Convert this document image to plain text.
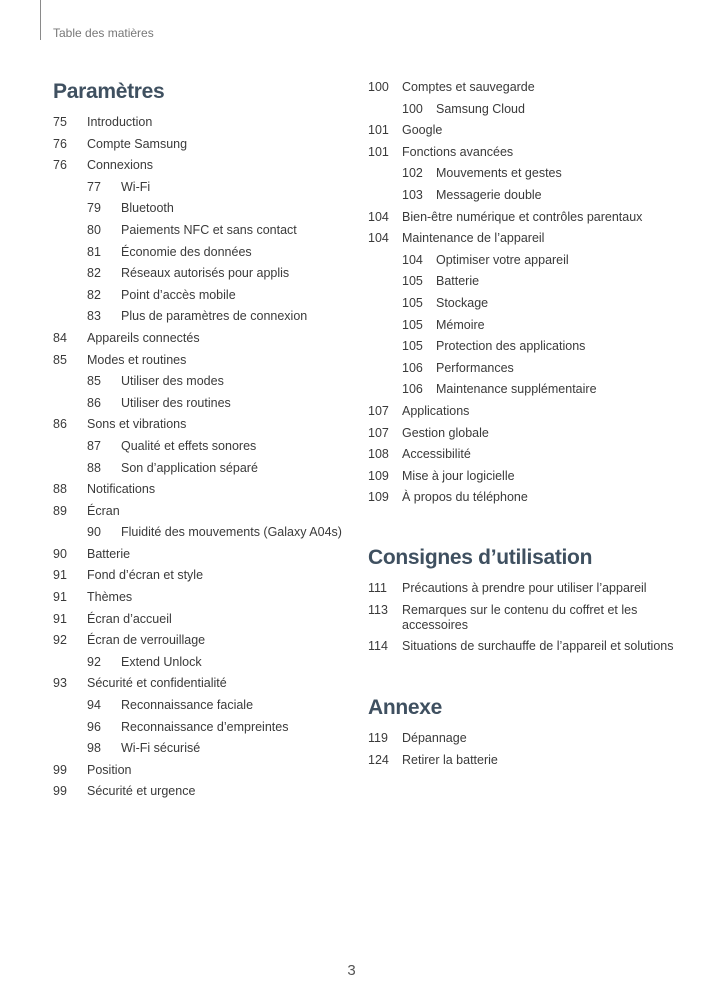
Table des matières
Paramètres
75	Introduction
76	Compte Samsung
76	Connexions
77	Wi-Fi
79	Bluetooth
80	Paiements NFC et sans contact
81	Économie des données
82	Réseaux autorisés pour applis
82	Point d’accès mobile
83	Plus de paramètres de connexion
84	Appareils connectés
85	Modes et routines
85	Utiliser des modes
86	Utiliser des routines
86	Sons et vibrations
87	Qualité et effets sonores
88	Son d’application séparé
88	Notifications
89	Écran
90	Fluidité des mouvements (Galaxy A04s)
90	Batterie
91	Fond d’écran et style
91	Thèmes
91	Écran d’accueil
92	Écran de verrouillage
92	Extend Unlock
93	Sécurité et confidentialité
94	Reconnaissance faciale
96	Reconnaissance d’empreintes
98	Wi-Fi sécurisé
99	Position
99	Sécurité et urgence
100	Comptes et sauvegarde
100	Samsung Cloud
101	Google
101	Fonctions avancées
102	Mouvements et gestes
103	Messagerie double
104	Bien-être numérique et contrôles parentaux
104	Maintenance de l’appareil
104	Optimiser votre appareil
105	Batterie
105	Stockage
105	Mémoire
105	Protection des applications
106	Performances
106	Maintenance supplémentaire
107	Applications
107	Gestion globale
108	Accessibilité
109	Mise à jour logicielle
109	À propos du téléphone
Consignes d’utilisation
111	Précautions à prendre pour utiliser l’appareil
113	Remarques sur le contenu du coffret et les accessoires
114	Situations de surchauffe de l’appareil et solutions
Annexe
119	Dépannage
124	Retirer la batterie
3
